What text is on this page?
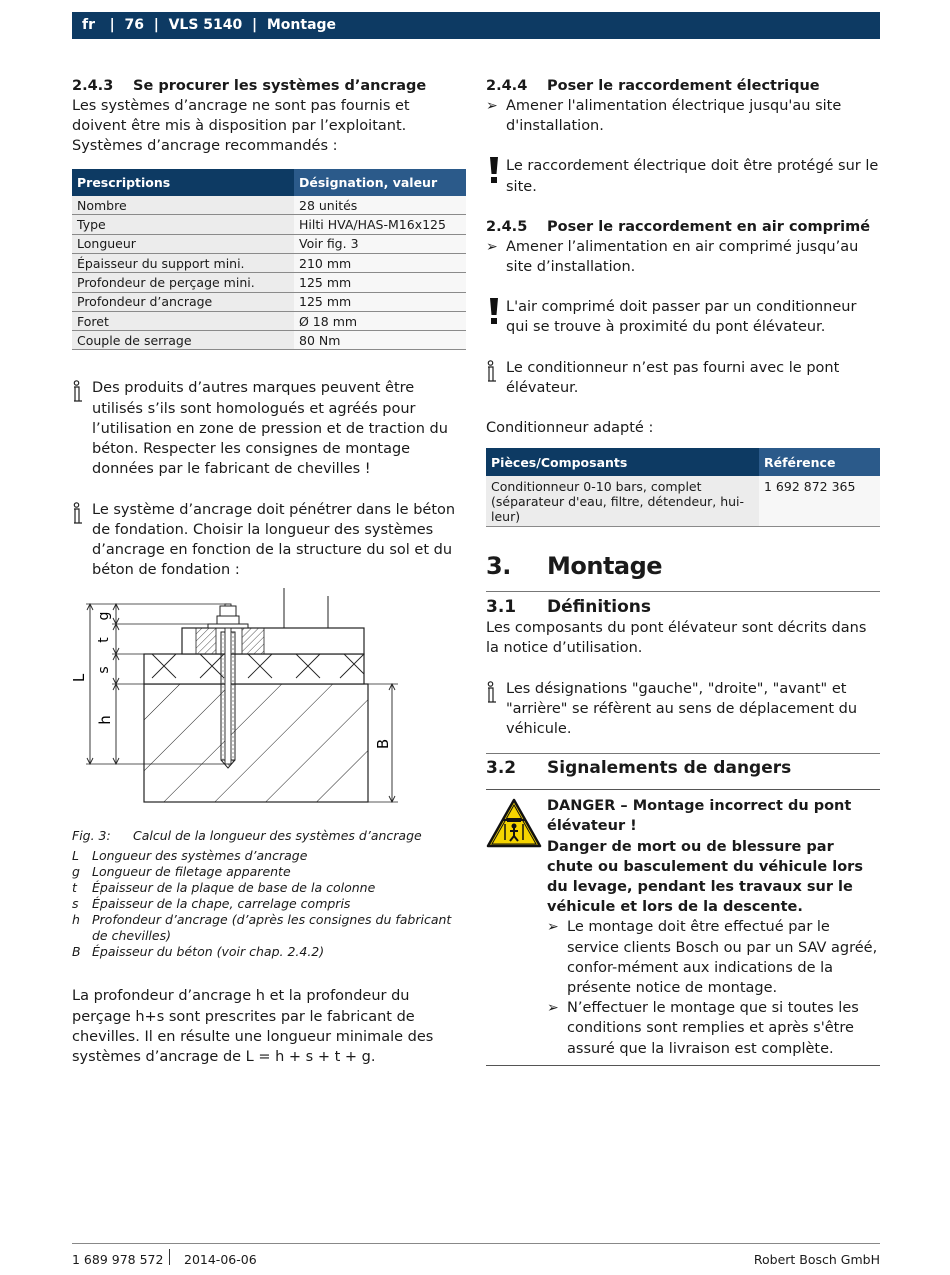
fr   |  76  |  VLS 5140  |  Montage
2.4.3	Se procurer les systèmes d’ancrage
Les systèmes d’ancrage ne sont pas fournis et doivent être mis à disposition par l’exploitant.
Systèmes d’ancrage recommandés :
Prescriptions	Désignation, valeur
Nombre	28 unités
Type	Hilti HVA/HAS-M16x125
Longueur	Voir fig. 3
Épaisseur du support mini.	210 mm
Profondeur de perçage mini.	125 mm
Profondeur d’ancrage	125 mm
Foret	Ø 18 mm
Couple de serrage	80 Nm
Des produits d’autres marques peuvent être utilisés s’ils sont homologués et agréés pour l’utilisation en zone de pression et de traction du béton. Respecter les consignes de montage données par le fabricant de chevilles !
Le système d’ancrage doit pénétrer dans le béton de fondation. Choisir la longueur des systèmes d’ancrage en fonction de la structure du sol et du béton de fondation :
g
t
s
L
h
B
Fig. 3:	Calcul de la longueur des systèmes d’ancrage
L	Longueur des systèmes d’ancrage
g Longueur de filetage apparente
t	Épaisseur de la plaque de base de la colonne
s	Épaisseur de la chape, carrelage compris
h Profondeur d’ancrage (d’après les consignes du fabricant de chevilles)
B Épaisseur du béton (voir chap. 2.4.2)
La profondeur d’ancrage h et la profondeur du perçage h+s sont prescrites par le fabricant de chevilles. Il en résulte une longueur minimale des systèmes d’ancrage de L = h + s + t + g.
2.4.4	Poser le raccordement électrique
➢ Amener l'alimentation électrique jusqu'au site d'installation.
Le raccordement électrique doit être protégé sur le site.
2.4.5	Poser le raccordement en air comprimé
➢ Amener l’alimentation en air comprimé jusqu’au site d’installation.
L'air comprimé doit passer par un conditionneur qui se trouve à proximité du pont élévateur.
Le conditionneur n’est pas fourni avec le pont élévateur.
Conditionneur adapté :
Pièces/Composants	Référence
Conditionneur 0-10 bars, complet (séparateur d'eau, filtre, détendeur, hui-leur)	1 692 872 365
3.	Montage
3.1	Définitions
Les composants du pont élévateur sont décrits dans la notice d’utilisation.
Les désignations "gauche", "droite", "avant" et "arrière" se réfèrent au sens de déplacement du véhicule.
3.2	Signalements de dangers
DANGER – Montage incorrect du pont élévateur !
Danger de mort ou de blessure par chute ou basculement du véhicule lors du levage, pendant les travaux sur le véhicule et lors de la descente.
➢ Le montage doit être effectué par le service clients Bosch ou par un SAV agréé, confor-mément aux indications de la présente notice de montage.
➢ N’effectuer le montage que si toutes les conditions sont remplies et après s'être assuré que la livraison est complète.
1 689 978 572 2014-06-06	Robert Bosch GmbH
